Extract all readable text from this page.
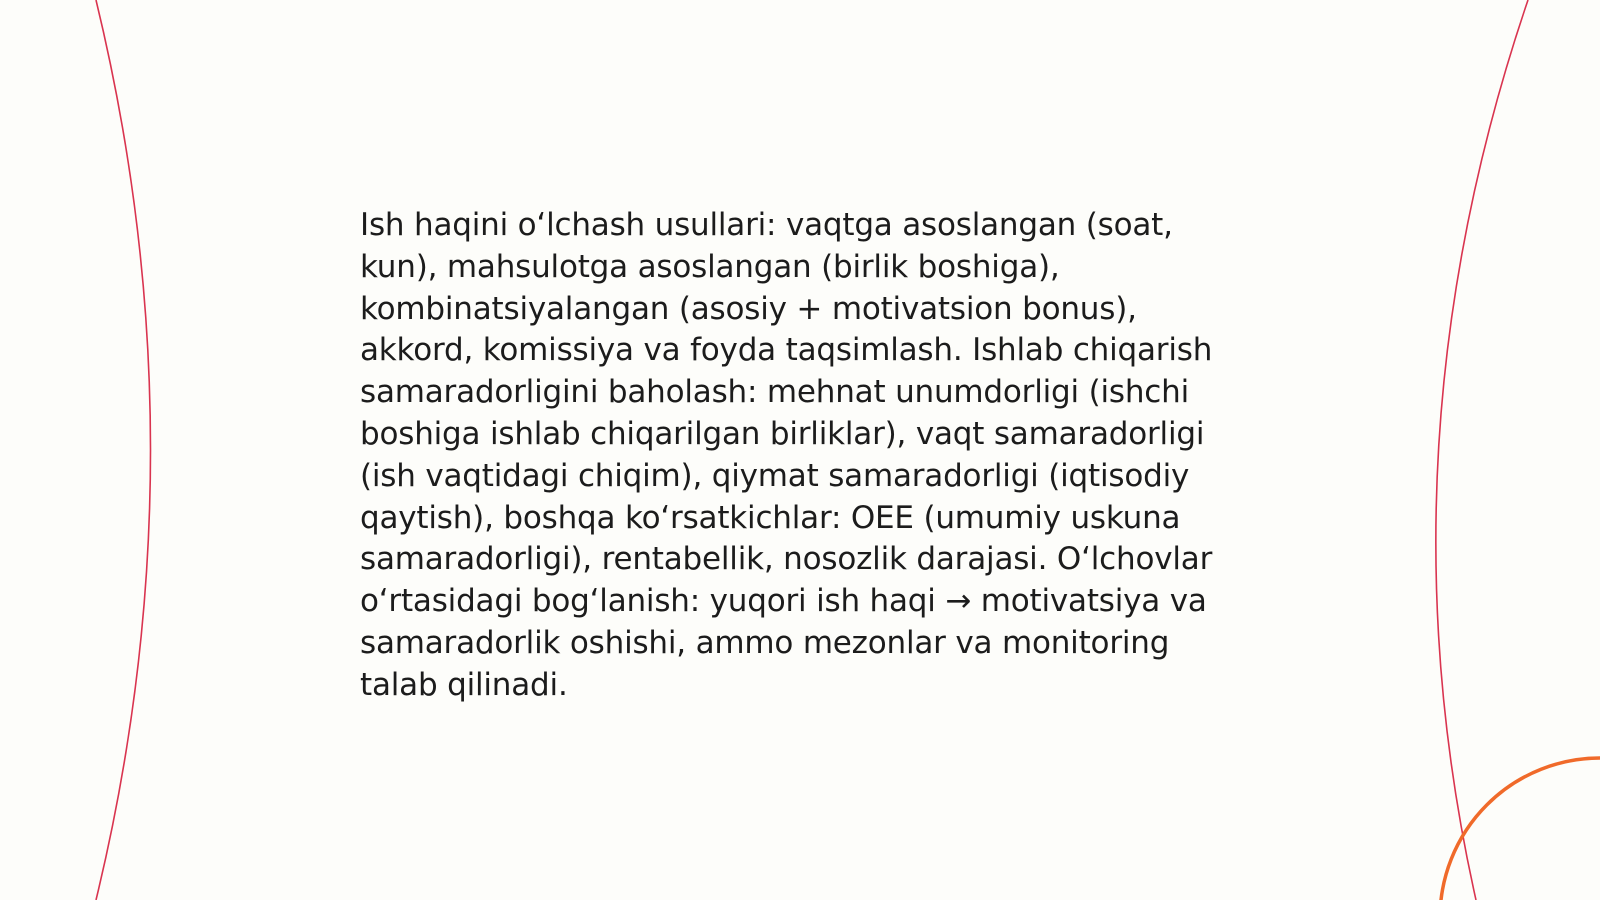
Ish haqini o‘lchash usullari: vaqtga asoslangan (soat, kun), mahsulotga asoslangan (birlik boshiga), kombinatsiyalangan (asosiy + motivatsion bonus), akkord, komissiya va foyda taqsimlash. Ishlab chiqarish samaradorligini baholash: mehnat unumdorligi (ishchi boshiga ishlab chiqarilgan birliklar), vaqt samaradorligi (ish vaqtidagi chiqim), qiymat samaradorligi (iqtisodiy qaytish), boshqa ko‘rsatkichlar: OEE (umumiy uskuna samaradorligi), rentabellik, nosozlik darajasi. O‘lchovlar o‘rtasidagi bog‘lanish: yuqori ish haqi → motivatsiya va samaradorlik oshishi, ammo mezonlar va monitoring talab qilinadi.
